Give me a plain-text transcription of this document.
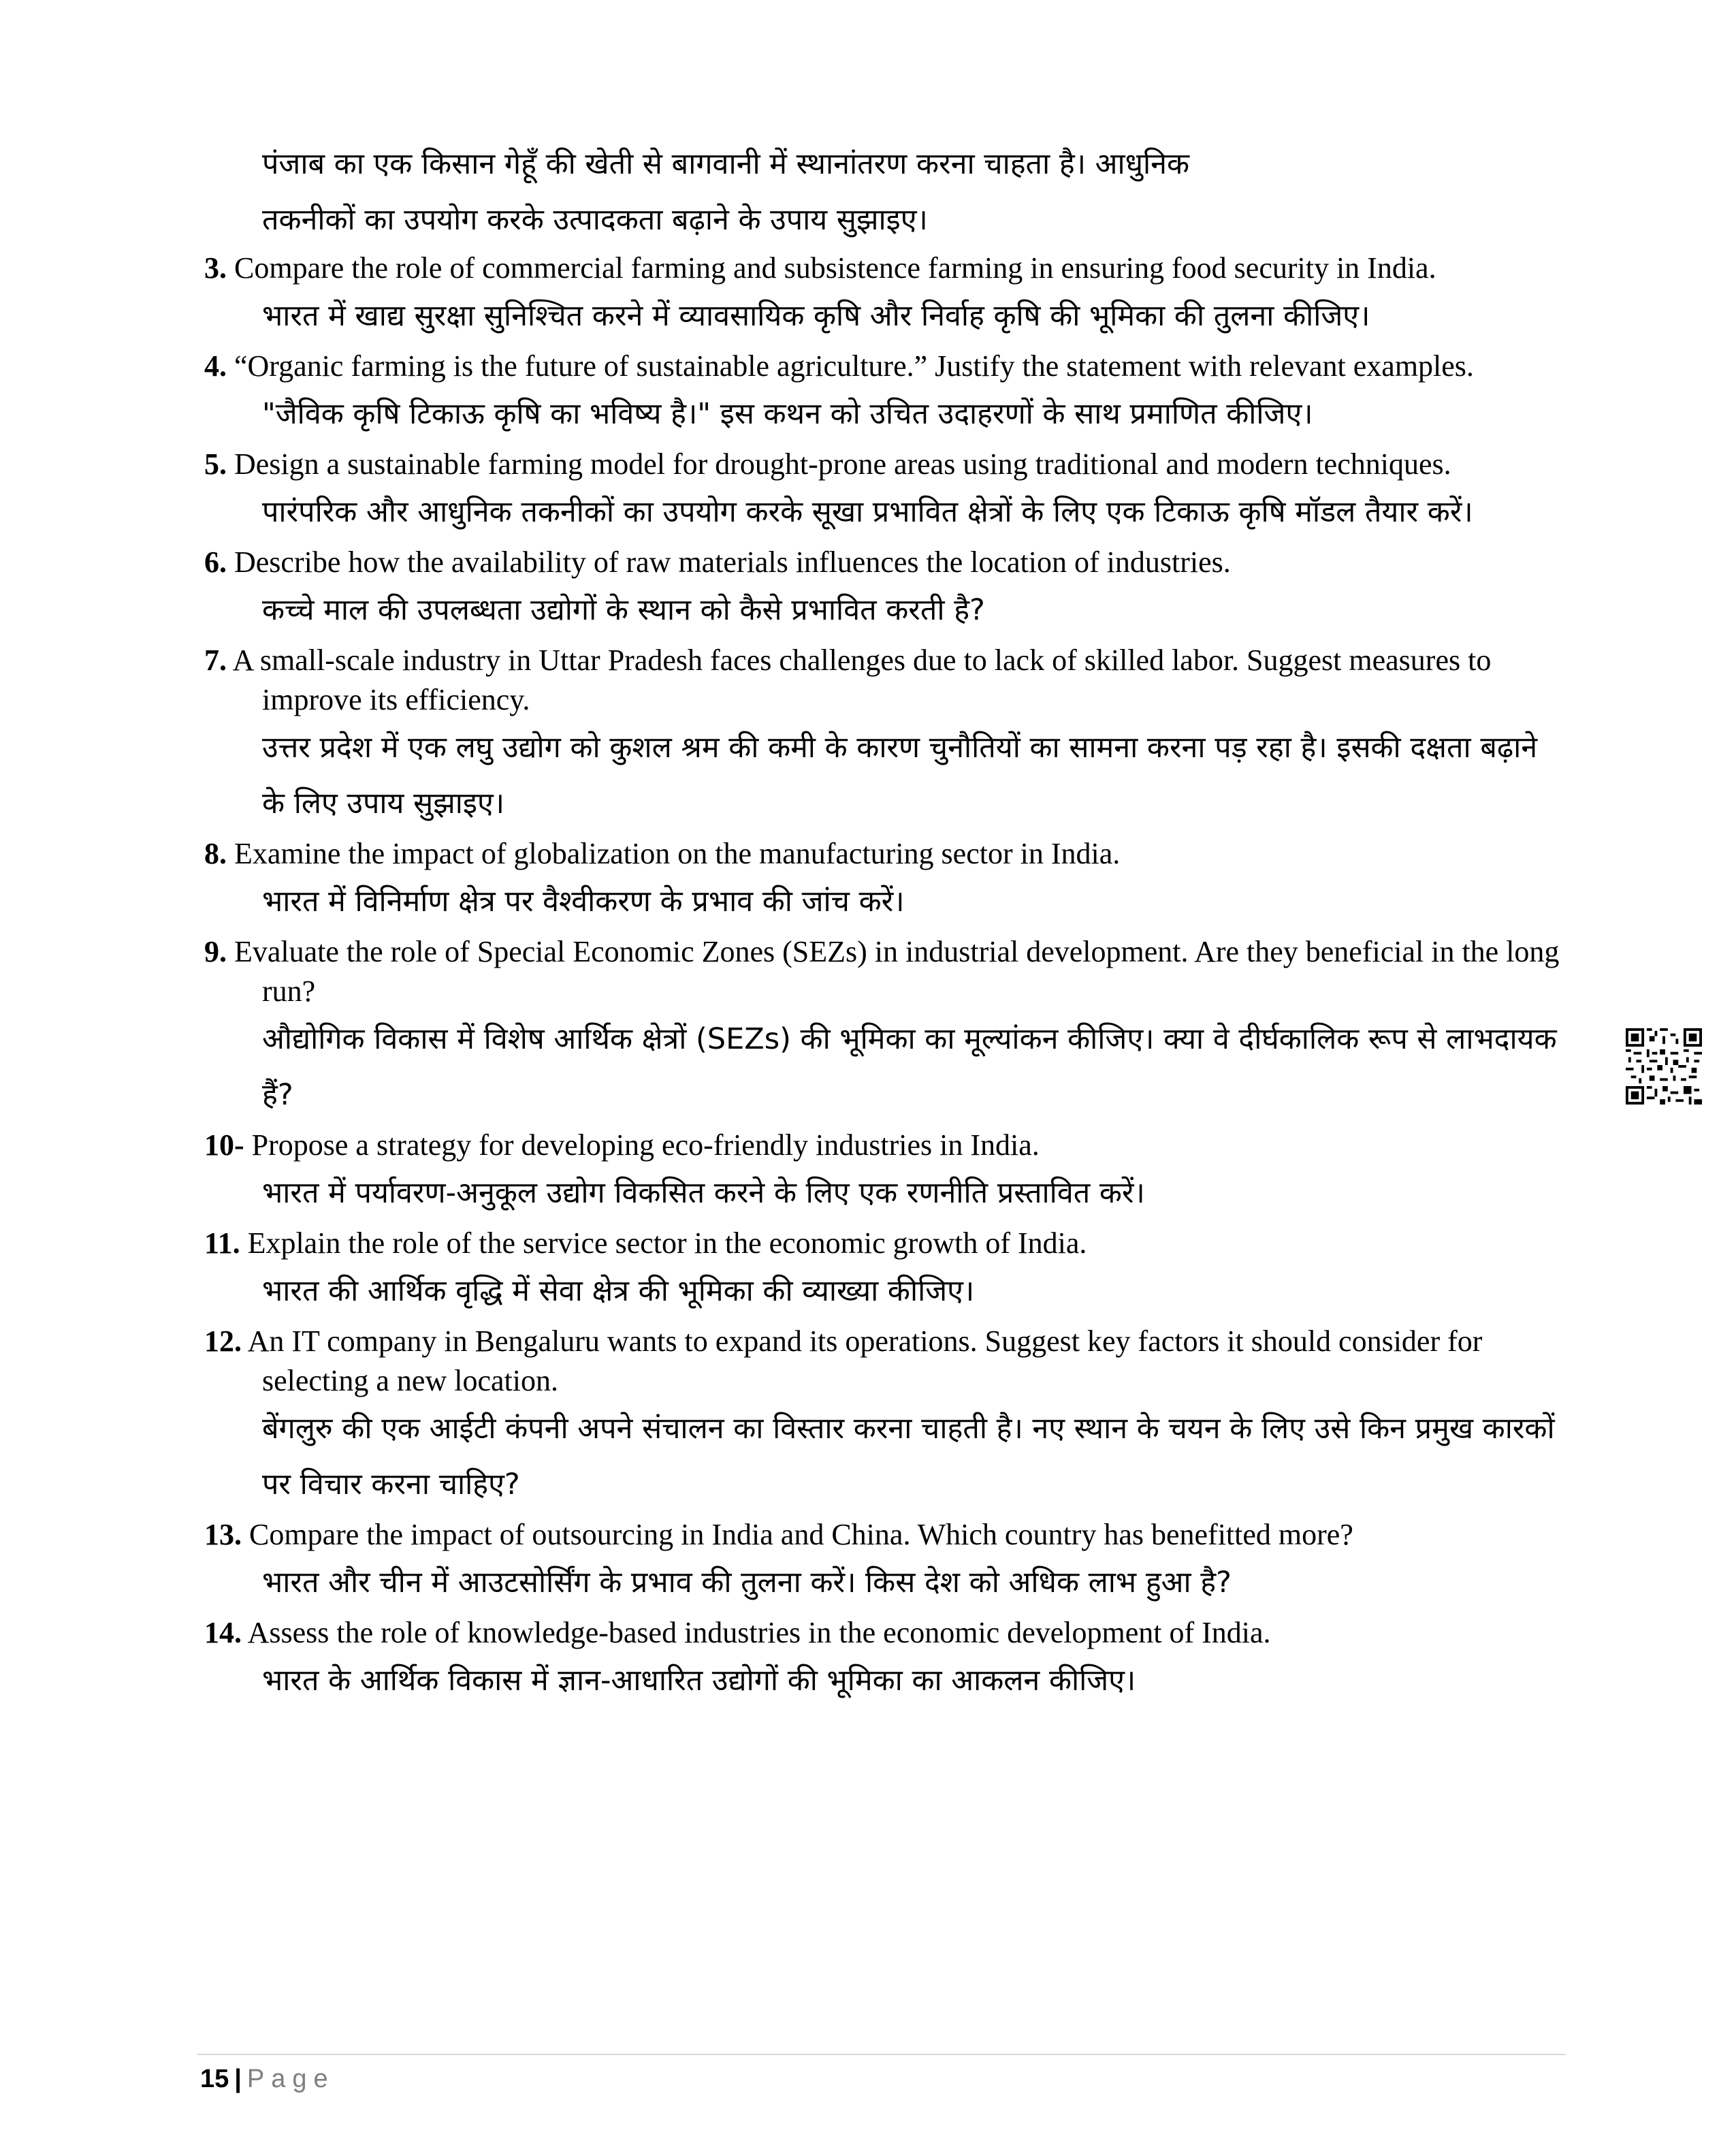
पंजाब का एक किसान गेहूँ की खेती से बागवानी में स्थानांतरण करना चाहता है। आधुनिक
तकनीकों का उपयोग करके उत्पादकता बढ़ाने के उपाय सुझाइए।
3. Compare the role of commercial farming and subsistence farming in ensuring food security in India.
भारत में खाद्य सुरक्षा सुनिश्चित करने में व्यावसायिक कृषि और निर्वाह कृषि की भूमिका की तुलना कीजिए।
4. “Organic farming is the future of sustainable agriculture.” Justify the statement with relevant examples.
"जैविक कृषि टिकाऊ कृषि का भविष्य है।" इस कथन को उचित उदाहरणों के साथ प्रमाणित कीजिए।
5. Design a sustainable farming model for drought-prone areas using traditional and modern techniques.
पारंपरिक और आधुनिक तकनीकों का उपयोग करके सूखा प्रभावित क्षेत्रों के लिए एक टिकाऊ कृषि मॉडल तैयार करें।
6. Describe how the availability of raw materials influences the location of industries.
कच्चे माल की उपलब्धता उद्योगों के स्थान को कैसे प्रभावित करती है?
7. A small-scale industry in Uttar Pradesh faces challenges due to lack of skilled labor. Suggest measures to improve its efficiency.
उत्तर प्रदेश में एक लघु उद्योग को कुशल श्रम की कमी के कारण चुनौतियों का सामना करना पड़ रहा है। इसकी दक्षता बढ़ाने के लिए उपाय सुझाइए।
8. Examine the impact of globalization on the manufacturing sector in India.
भारत में विनिर्माण क्षेत्र पर वैश्वीकरण के प्रभाव की जांच करें।
9. Evaluate the role of Special Economic Zones (SEZs) in industrial development. Are they beneficial in the long run?
औद्योगिक विकास में विशेष आर्थिक क्षेत्रों (SEZs) की भूमिका का मूल्यांकन कीजिए। क्या वे दीर्घकालिक रूप से लाभदायक हैं?
10- Propose a strategy for developing eco-friendly industries in India.
भारत में पर्यावरण-अनुकूल उद्योग विकसित करने के लिए एक रणनीति प्रस्तावित करें।
11. Explain the role of the service sector in the economic growth of India.
भारत की आर्थिक वृद्धि में सेवा क्षेत्र की भूमिका की व्याख्या कीजिए।
12. An IT company in Bengaluru wants to expand its operations. Suggest key factors it should consider for selecting a new location.
बेंगलुरु की एक आईटी कंपनी अपने संचालन का विस्तार करना चाहती है। नए स्थान के चयन के लिए उसे किन प्रमुख कारकों पर विचार करना चाहिए?
13. Compare the impact of outsourcing in India and China. Which country has benefitted more?
भारत और चीन में आउटसोर्सिंग के प्रभाव की तुलना करें। किस देश को अधिक लाभ हुआ है?
14. Assess the role of knowledge-based industries in the economic development of India.
भारत के आर्थिक विकास में ज्ञान-आधारित उद्योगों की भूमिका का आकलन कीजिए।
15 | Page
